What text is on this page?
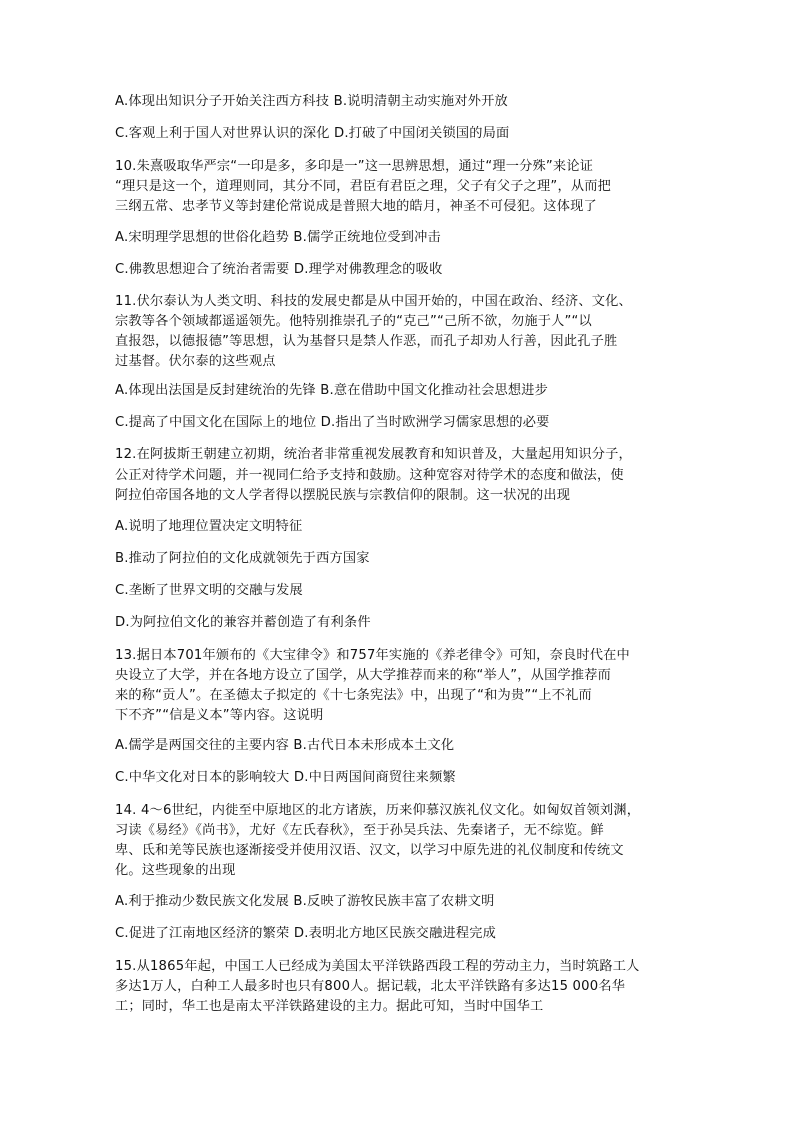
A.体现出知识分子开始关注西方科技 B.说明清朝主动实施对外开放
C.客观上利于国人对世界认识的深化 D.打破了中国闭关锁国的局面
10.朱熹吸取华严宗“一印是多，多印是一”这一思辨思想，通过“理一分殊”来论证
“理只是这一个，道理则同，其分不同，君臣有君臣之理，父子有父子之理”，从而把
三纲五常、忠孝节义等封建伦常说成是普照大地的皓月，神圣不可侵犯。这体现了
A.宋明理学思想的世俗化趋势 B.儒学正统地位受到冲击
C.佛教思想迎合了统治者需要 D.理学对佛教理念的吸收
11.伏尔泰认为人类文明、科技的发展史都是从中国开始的，中国在政治、经济、文化、
宗教等各个领域都遥遥领先。他特别推崇孔子的“克己”“己所不欲，勿施于人”“以
直报怨，以德报德”等思想，认为基督只是禁人作恶，而孔子却劝人行善，因此孔子胜
过基督。伏尔泰的这些观点
A.体现出法国是反封建统治的先锋 B.意在借助中国文化推动社会思想进步
C.提高了中国文化在国际上的地位 D.指出了当时欧洲学习儒家思想的必要
12.在阿拔斯王朝建立初期，统治者非常重视发展教育和知识普及，大量起用知识分子，
公正对待学术问题，并一视同仁给予支持和鼓励。这种宽容对待学术的态度和做法，使
阿拉伯帝国各地的文人学者得以摆脱民族与宗教信仰的限制。这一状况的出现
A.说明了地理位置决定文明特征
B.推动了阿拉伯的文化成就领先于西方国家
C.垄断了世界文明的交融与发展
D.为阿拉伯文化的兼容并蓄创造了有利条件
13.据日本701年颁布的《大宝律令》和757年实施的《养老律令》可知，奈良时代在中
央设立了大学，并在各地方设立了国学，从大学推荐而来的称“举人”，从国学推荐而
来的称“贡人”。在圣德太子拟定的《十七条宪法》中，出现了“和为贵”“上不礼而
下不齐”“信是义本”等内容。这说明
A.儒学是两国交往的主要内容 B.古代日本未形成本土文化
C.中华文化对日本的影响较大 D.中日两国间商贸往来频繁
14. 4～6世纪，内徙至中原地区的北方诸族，历来仰慕汉族礼仪文化。如匈奴首领刘渊，
习读《易经》《尚书》，尤好《左氏春秋》，至于孙吴兵法、先秦诸子，无不综览。鲜
卑、氐和羌等民族也逐渐接受并使用汉语、汉文，以学习中原先进的礼仪制度和传统文
化。这些现象的出现
A.利于推动少数民族文化发展 B.反映了游牧民族丰富了农耕文明
C.促进了江南地区经济的繁荣 D.表明北方地区民族交融进程完成
15.从1865年起，中国工人已经成为美国太平洋铁路西段工程的劳动主力，当时筑路工人
多达1万人，白种工人最多时也只有800人。据记载，北太平洋铁路有多达15 000名华
工；同时，华工也是南太平洋铁路建设的主力。据此可知，当时中国华工
